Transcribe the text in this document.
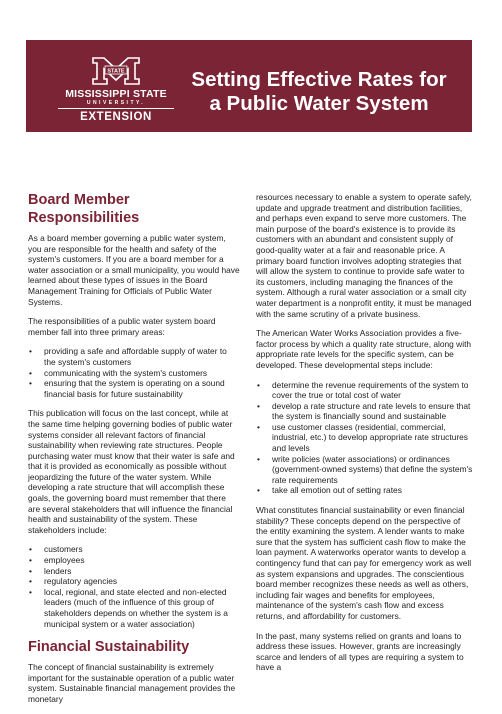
STATE
MISSISSIPPI STATE
UNIVERSITY.
EXTENSION
Setting Effective Rates for
a Public Water System
Board Member Responsibilities

As a board member governing a public water system, you are responsible for the health and safety of the system's customers. If you are a board member for a water association or a small municipality, you would have learned about these types of issues in the Board Management Training for Officials of Public Water Systems.

The responsibilities of a public water system board member fall into three primary areas:

• providing a safe and affordable supply of water to the system's customers
• communicating with the system's customers
• ensuring that the system is operating on a sound financial basis for future sustainability

This publication will focus on the last concept, while at the same time helping governing bodies of public water systems consider all relevant factors of financial sustainability when reviewing rate structures. People purchasing water must know that their water is safe and that it is provided as economically as possible without jeopardizing the future of the water system. While developing a rate structure that will accomplish these goals, the governing board must remember that there are several stakeholders that will influence the financial health and sustainability of the system. These stakeholders include:

• customers
• employees
• lenders
• regulatory agencies
• local, regional, and state elected and non-elected leaders (much of the influence of this group of stakeholders depends on whether the system is a municipal system or a water association)
Financial Sustainability

The concept of financial sustainability is extremely important for the sustainable operation of a public water system. Sustainable financial management provides the monetary

resources necessary to enable a system to operate safely, update and upgrade treatment and distribution facilities, and perhaps even expand to serve more customers. The main purpose of the board's existence is to provide its customers with an abundant and consistent supply of good-quality water at a fair and reasonable price. A primary board function involves adopting strategies that will allow the system to continue to provide safe water to its customers, including managing the finances of the system. Although a rural water association or a small city water department is a nonprofit entity, it must be managed with the same scrutiny of a private business.

The American Water Works Association provides a five-factor process by which a quality rate structure, along with appropriate rate levels for the specific system, can be developed. These developmental steps include:

• determine the revenue requirements of the system to cover the true or total cost of water
• develop a rate structure and rate levels to ensure that the system is financially sound and sustainable
• use customer classes (residential, commercial, industrial, etc.) to develop appropriate rate structures and levels
• write policies (water associations) or ordinances (government-owned systems) that define the system's rate requirements
• take all emotion out of setting rates

What constitutes financial sustainability or even financial stability? These concepts depend on the perspective of the entity examining the system. A lender wants to make sure that the system has sufficient cash flow to make the loan payment. A waterworks operator wants to develop a contingency fund that can pay for emergency work as well as system expansions and upgrades. The conscientious board member recognizes these needs as well as others, including fair wages and benefits for employees, maintenance of the system's cash flow and excess returns, and affordability for customers.

In the past, many systems relied on grants and loans to address these issues. However, grants are increasingly scarce and lenders of all types are requiring a system to have a
